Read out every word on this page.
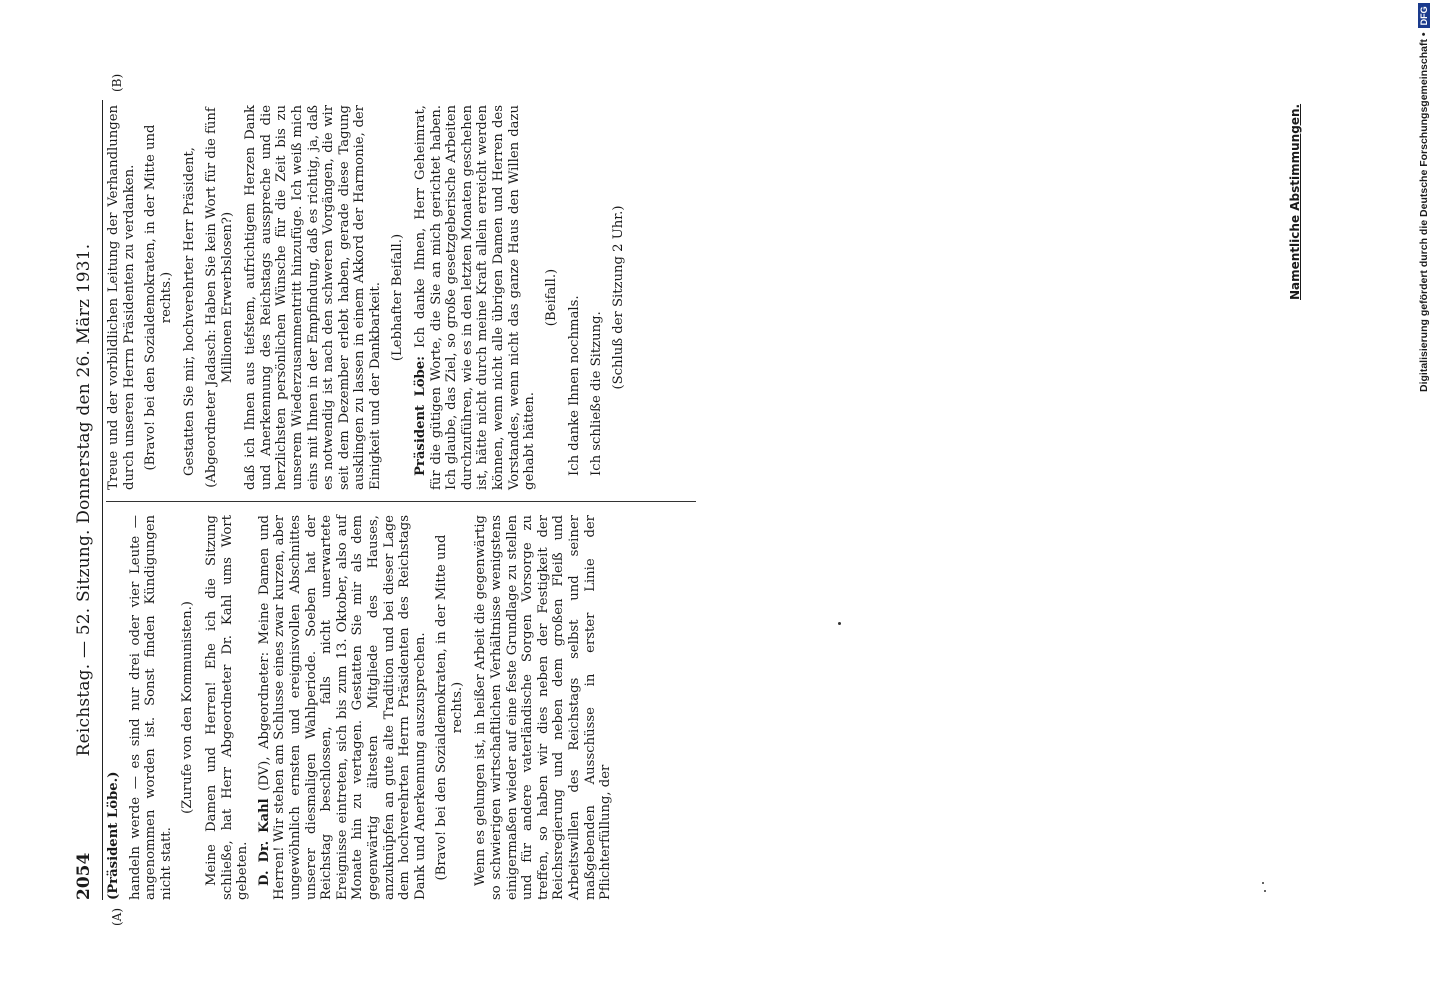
2054
Reichstag. — 52. Sitzung. Donnerstag den 26. März 1931.
(A)
(B)

(Präsident Löbe.) handeln werde — es sind nur drei oder vier Leute — angenommen worden ist. Sonst finden Kündigungen nicht statt.

(Zurufe von den Kommunisten.) Meine Damen und Herren! Ehe ich die Sitzung schließe, hat Herr Abgeordneter Dr. Kahl ums Wort gebeten. D. Dr. Kahl (DV), Abgeordneter: Meine Damen und Herren! Wir stehen am Schlusse eines zwar kurzen, aber ungewöhnlich ernsten und ereignisvollen Abschnittes unserer diesmaligen Wahlperiode. Soeben hat der Reichstag beschlossen, falls nicht unerwartete Ereignisse eintreten, sich bis zum 13. Oktober, also auf Monate hin zu vertagen. Gestatten Sie mir als dem gegenwärtig ältesten Mitgliede des Hauses, anzuknüpfen an gute alte Tradition und bei dieser Lage dem hochverehrten Herrn Präsidenten des Reichstags Dank und Anerkennung auszusprechen. (Bravo! bei den Sozialdemokraten, in der Mitte und rechts.) Wenn es gelungen ist, in heißer Arbeit die gegenwärtig so schwierigen wirtschaftlichen Verhältnisse wenigstens einigermaßen wieder auf eine feste Grundlage zu stellen und für andere vaterländische Sorgen Vorsorge zu treffen, so haben wir dies neben der Festigkeit der Reichsregierung und neben dem großen Fleiß und Arbeitswillen des Reichstags selbst und seiner maßgebenden Ausschüsse in erster Linie der Pflichterfüllung, der

Treue und der vorbildlichen Leitung der Verhandlungen durch unseren Herrn Präsidenten zu verdanken. (Bravo! bei den Sozialdemokraten, in der Mitte und rechts.) Gestatten Sie mir, hochverehrter Herr Präsident, (Abgeordneter Jadasch: Haben Sie kein Wort für die fünf Millionen Erwerbslosen?) daß ich Ihnen aus tiefstem, aufrichtigem Herzen Dank und Anerkennung des Reichstags ausspreche und die herzlichsten persönlichen Wünsche für die Zeit bis zu unserem Wiederzusammentritt hinzufüge. Ich weiß mich eins mit Ihnen in der Empfindung, daß es richtig, ja, daß es notwendig ist nach den schweren Vorgängen, die wir seit dem Dezember erlebt haben, gerade diese Tagung ausklingen zu lassen in einem Akkord der Harmonie, der Einigkeit und der Dankbarkeit. (Lebhafter Beifall.)

Präsident Löbe: Ich danke Ihnen, Herr Geheimrat, für die gütigen Worte, die Sie an mich gerichtet haben. Ich glaube, das Ziel, so große gesetzgeberische Arbeiten durchzuführen, wie es in den letzten Monaten geschehen ist, hätte nicht durch meine Kraft allein erreicht werden können, wenn nicht alle übrigen Damen und Herren des Vorstandes, wenn nicht das ganze Haus den Willen dazu gehabt hätten.

(Beifall.) Ich danke Ihnen nochmals. Ich schließe die Sitzung.

(Schluß der Sitzung 2 Uhr.)	Namentliche Abstimmungen.	Digitalisierung gefördert durch die Deutsche Forschungsgemeinschaft •
DFG
